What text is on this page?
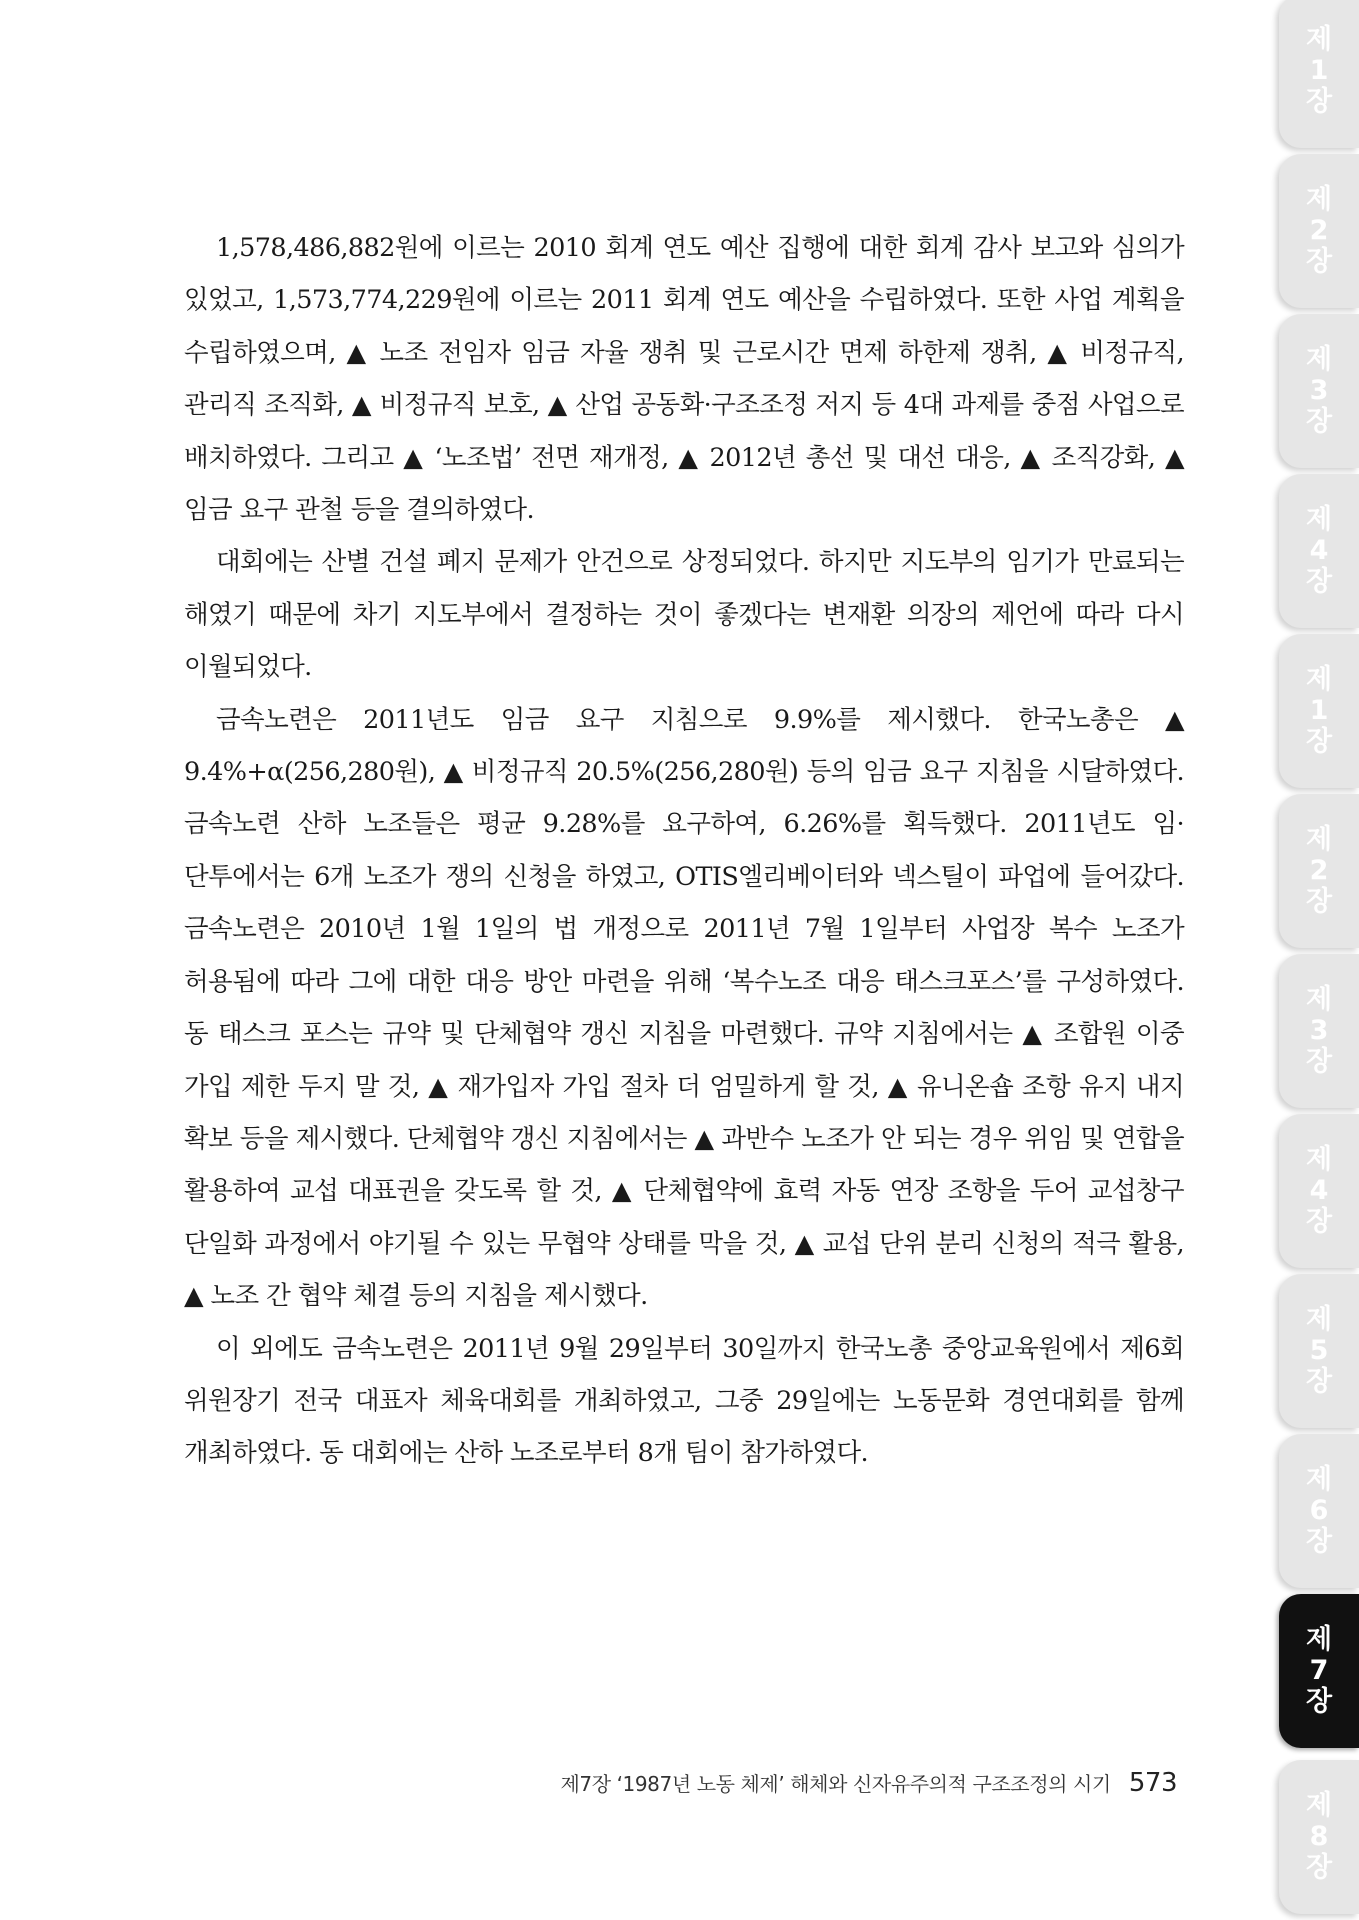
1,578,486,882원에 이르는 2010 회계 연도 예산 집행에 대한 회계 감사 보고와 심의가 있었고, 1,573,774,229원에 이르는 2011 회계 연도 예산을 수립하였다. 또한 사업 계획을 수립하였으며, ▲ 노조 전임자 임금 자율 쟁취 및 근로시간 면제 하한제 쟁취, ▲ 비정규직, 관리직 조직화, ▲ 비정규직 보호, ▲ 산업 공동화·구조조정 저지 등 4대 과제를 중점 사업으로 배치하였다. 그리고 ▲ ‘노조법’ 전면 재개정, ▲ 2012년 총선 및 대선 대응, ▲ 조직강화, ▲ 임금 요구 관철 등을 결의하였다.

대회에는 산별 건설 폐지 문제가 안건으로 상정되었다. 하지만 지도부의 임기가 만료되는 해였기 때문에 차기 지도부에서 결정하는 것이 좋겠다는 변재환 의장의 제언에 따라 다시 이월되었다.

금속노련은 2011년도 임금 요구 지침으로 9.9%를 제시했다. 한국노총은 ▲ 9.4%+α(256,280원), ▲ 비정규직 20.5%(256,280원) 등의 임금 요구 지침을 시달하였다. 금속노련 산하 노조들은 평균 9.28%를 요구하여, 6.26%를 획득했다. 2011년도 임·단투에서는 6개 노조가 쟁의 신청을 하였고, OTIS엘리베이터와 넥스틸이 파업에 들어갔다. 금속노련은 2010년 1월 1일의 법 개정으로 2011년 7월 1일부터 사업장 복수 노조가 허용됨에 따라 그에 대한 대응 방안 마련을 위해 ‘복수노조 대응 태스크포스’를 구성하였다. 동 태스크 포스는 규약 및 단체협약 갱신 지침을 마련했다. 규약 지침에서는 ▲ 조합원 이중 가입 제한 두지 말 것, ▲ 재가입자 가입 절차 더 엄밀하게 할 것, ▲ 유니온숍 조항 유지 내지 확보 등을 제시했다. 단체협약 갱신 지침에서는 ▲ 과반수 노조가 안 되는 경우 위임 및 연합을 활용하여 교섭 대표권을 갖도록 할 것, ▲ 단체협약에 효력 자동 연장 조항을 두어 교섭창구 단일화 과정에서 야기될 수 있는 무협약 상태를 막을 것, ▲ 교섭 단위 분리 신청의 적극 활용, ▲ 노조 간 협약 체결 등의 지침을 제시했다.

이 외에도 금속노련은 2011년 9월 29일부터 30일까지 한국노총 중앙교육원에서 제6회 위원장기 전국 대표자 체육대회를 개최하였고, 그중 29일에는 노동문화 경연대회를 함께 개최하였다. 동 대회에는 산하 노조로부터 8개 팀이 참가하였다.

제7장 ‘1987년 노동 체제’ 해체와 신자유주의적 구조조정의 시기 573
제
1
장
제
2
장
제
3
장
제
4
장
제
1
장
제
2
장
제
3
장
제
4
장
제
5
장
제
6
장
제
7
장
제
8
장
